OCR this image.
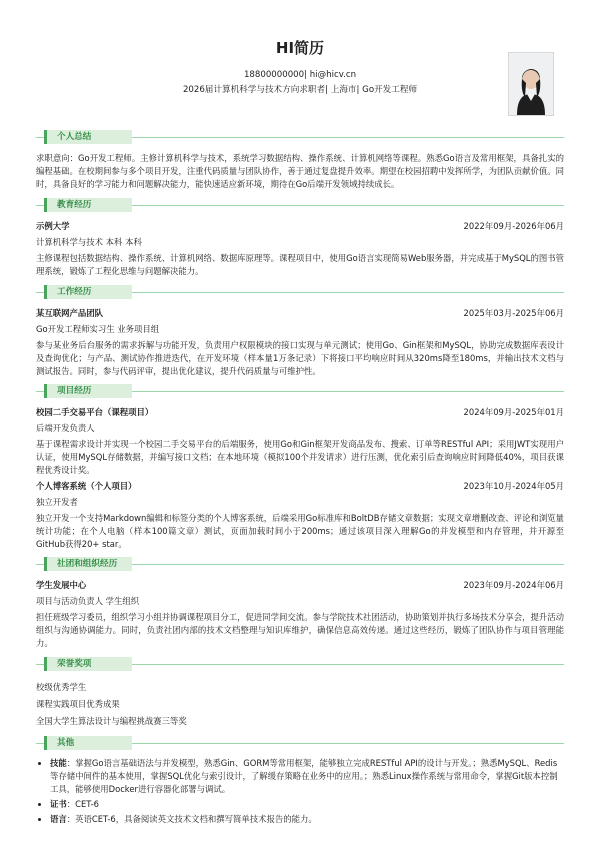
HI简历
18800000000| hi@hicv.cn
2026届计算机科学与技术方向求职者| 上海市| Go开发工程师
个人总结
求职意向：Go开发工程师。主修计算机科学与技术，系统学习数据结构、操作系统、计算机网络等课程。熟悉Go语言及常用框架，具备扎实的编程基础。在校期间参与多个项目开发，注重代码质量与团队协作，善于通过复盘提升效率。期望在校园招聘中发挥所学，为团队贡献价值。同时，具备良好的学习能力和问题解决能力，能快速适应新环境，期待在Go后端开发领域持续成长。
教育经历
示例大学	2022年09月-2026年06月
计算机科学与技术 本科 本科
主修课程包括数据结构、操作系统、计算机网络、数据库原理等。课程项目中，使用Go语言实现简易Web服务器，并完成基于MySQL的图书管理系统，锻炼了工程化思维与问题解决能力。
工作经历
某互联网产品团队	2025年03月-2025年06月
Go开发工程师实习生 业务项目组
参与某业务后台服务的需求拆解与功能开发，负责用户权限模块的接口实现与单元测试；使用Go、Gin框架和MySQL，协助完成数据库表设计及查询优化；与产品、测试协作推进迭代，在开发环境（样本量1万条记录）下将接口平均响应时间从320ms降至180ms，并输出技术文档与测试报告。同时，参与代码评审，提出优化建议，提升代码质量与可维护性。
项目经历
校园二手交易平台（课程项目）	2024年09月-2025年01月
后端开发负责人
基于课程需求设计并实现一个校园二手交易平台的后端服务，使用Go和Gin框架开发商品发布、搜索、订单等RESTful API；采用JWT实现用户认证，使用MySQL存储数据，并编写接口文档；在本地环境（模拟100个并发请求）进行压测，优化索引后查询响应时间降低40%，项目获课程优秀设计奖。
个人博客系统（个人项目）	2023年10月-2024年05月
独立开发者
独立开发一个支持Markdown编辑和标签分类的个人博客系统，后端采用Go标准库和BoltDB存储文章数据；实现文章增删改查、评论和浏览量统计功能；在个人电脑（样本100篇文章）测试，页面加载时间小于200ms；通过该项目深入理解Go的并发模型和内存管理，并开源至GitHub获得20+ star。
社团和组织经历
学生发展中心	2023年09月-2024年06月
项目与活动负责人 学生组织
担任班级学习委员，组织学习小组并协调课程项目分工，促进同学间交流。参与学院技术社团活动，协助策划并执行多场技术分享会，提升活动组织与沟通协调能力。同时，负责社团内部的技术文档整理与知识库维护，确保信息高效传递。通过这些经历，锻炼了团队协作与项目管理能力。
荣誉奖项
校级优秀学生
课程实践项目优秀成果
全国大学生算法设计与编程挑战赛三等奖
其他
• 技能：掌握Go语言基础语法与并发模型，熟悉Gin、GORM等常用框架，能够独立完成RESTful API的设计与开发。；熟悉MySQL、Redis等存储中间件的基本使用，掌握SQL优化与索引设计，了解缓存策略在业务中的应用。；熟悉Linux操作系统与常用命令，掌握Git版本控制工具，能够使用Docker进行容器化部署与调试。
• 证书：CET-6
• 语言：英语CET-6，具备阅读英文技术文档和撰写简单技术报告的能力。
